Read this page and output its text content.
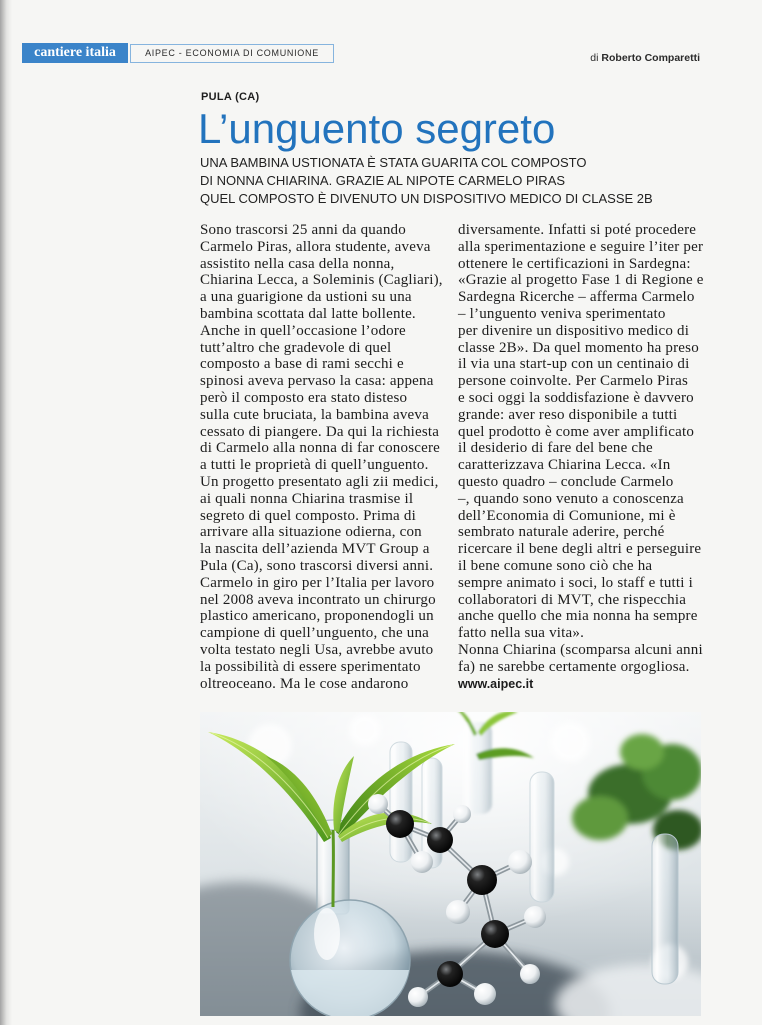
cantiere italia	AIPEC - ECONOMIA DI COMUNIONE	di Roberto Comparetti
PULA (CA)
L’unguento segreto
UNA BAMBINA USTIONATA È STATA GUARITA COL COMPOSTO
DI NONNA CHIARINA. GRAZIE AL NIPOTE CARMELO PIRAS
QUEL COMPOSTO È DIVENUTO UN DISPOSITIVO MEDICO DI CLASSE 2B
Sono trascorsi 25 anni da quando
Carmelo Piras, allora studente, aveva
assistito nella casa della nonna,
Chiarina Lecca, a Soleminis (Cagliari),
a una guarigione da ustioni su una
bambina scottata dal latte bollente.
Anche in quell’occasione l’odore
tutt’altro che gradevole di quel
composto a base di rami secchi e
spinosi aveva pervaso la casa: appena
però il composto era stato disteso
sulla cute bruciata, la bambina aveva
cessato di piangere. Da qui la richiesta
di Carmelo alla nonna di far conoscere
a tutti le proprietà di quell’unguento.
Un progetto presentato agli zii medici,
ai quali nonna Chiarina trasmise il
segreto di quel composto. Prima di
arrivare alla situazione odierna, con
la nascita dell’azienda MVT Group a
Pula (Ca), sono trascorsi diversi anni.
Carmelo in giro per l’Italia per lavoro
nel 2008 aveva incontrato un chirurgo
plastico americano, proponendogli un
campione di quell’unguento, che una
volta testato negli Usa, avrebbe avuto
la possibilità di essere sperimentato
oltreoceano. Ma le cose andarono
diversamente. Infatti si poté procedere
alla sperimentazione e seguire l’iter per
ottenere le certificazioni in Sardegna:
«Grazie al progetto Fase 1 di Regione e
Sardegna Ricerche – afferma Carmelo
– l’unguento veniva sperimentato
per divenire un dispositivo medico di
classe 2B». Da quel momento ha preso
il via una start-up con un centinaio di
persone coinvolte. Per Carmelo Piras
e soci oggi la soddisfazione è davvero
grande: aver reso disponibile a tutti
quel prodotto è come aver amplificato
il desiderio di fare del bene che
caratterizzava Chiarina Lecca. «In
questo quadro – conclude Carmelo
–, quando sono venuto a conoscenza
dell’Economia di Comunione, mi è
sembrato naturale aderire, perché
ricercare il bene degli altri e perseguire
il bene comune sono ciò che ha
sempre animato i soci, lo staff e tutti i
collaboratori di MVT, che rispecchia
anche quello che mia nonna ha sempre
fatto nella sua vita».
Nonna Chiarina (scomparsa alcuni anni
fa) ne sarebbe certamente orgogliosa.
www.aipec.it
